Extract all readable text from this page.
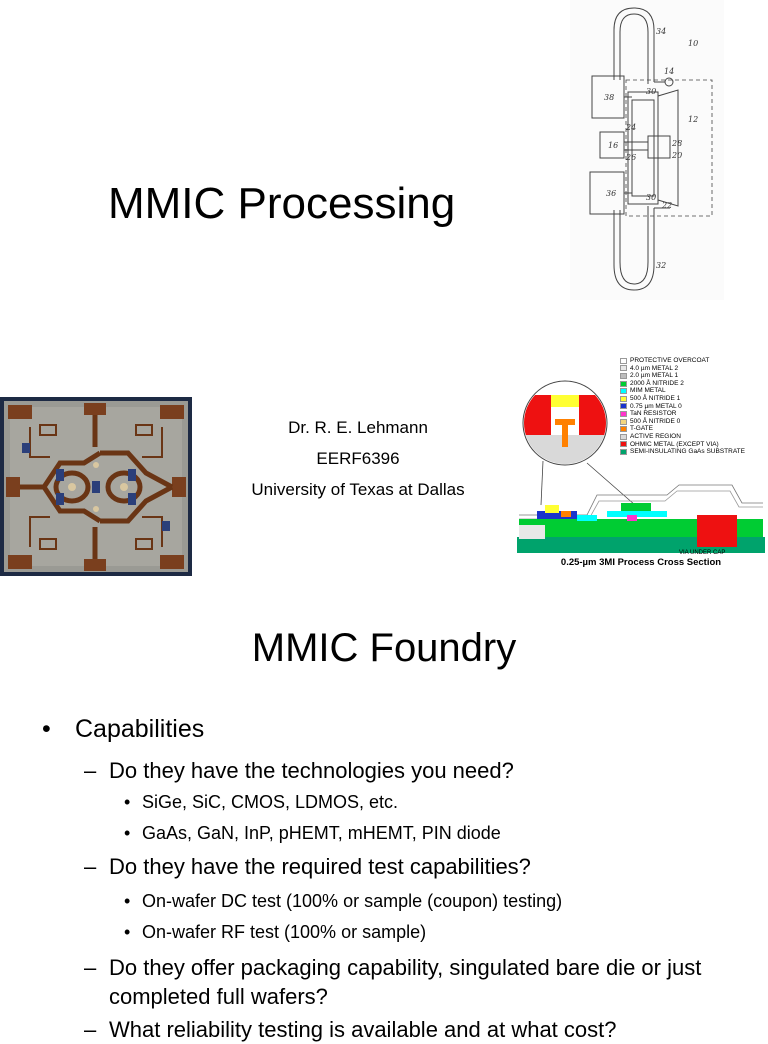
MMIC Processing
34
10
14
38
30
12
24
16	28
20
26
36	30
22
32
Dr. R. E. Lehmann
EERF6396
University of Texas at Dallas
VIA UNDER CAP
PROTECTIVE OVERCOAT
4.0 µm METAL 2
2.0 µm METAL 1
2000 Å NITRIDE 2
MIM METAL
500 Å NITRIDE 1
0.75 µm METAL 0
TaN RESISTOR
500 Å NITRIDE 0
T-GATE
ACTIVE REGION
OHMIC METAL (EXCEPT VIA)
SEMI-INSULATING GaAs SUBSTRATE
0.25-µm 3MI Process Cross Section
MMIC Foundry
• Capabilities
– Do they have the technologies you need?
• SiGe, SiC, CMOS, LDMOS, etc.
• GaAs, GaN, InP, pHEMT, mHEMT, PIN diode
– Do they have the required test capabilities?
• On-wafer DC test (100% or sample (coupon) testing)
• On-wafer RF test (100% or sample)
– Do they offer packaging capability, singulated bare die or just completed full wafers?
– What reliability testing is available and at what cost?
